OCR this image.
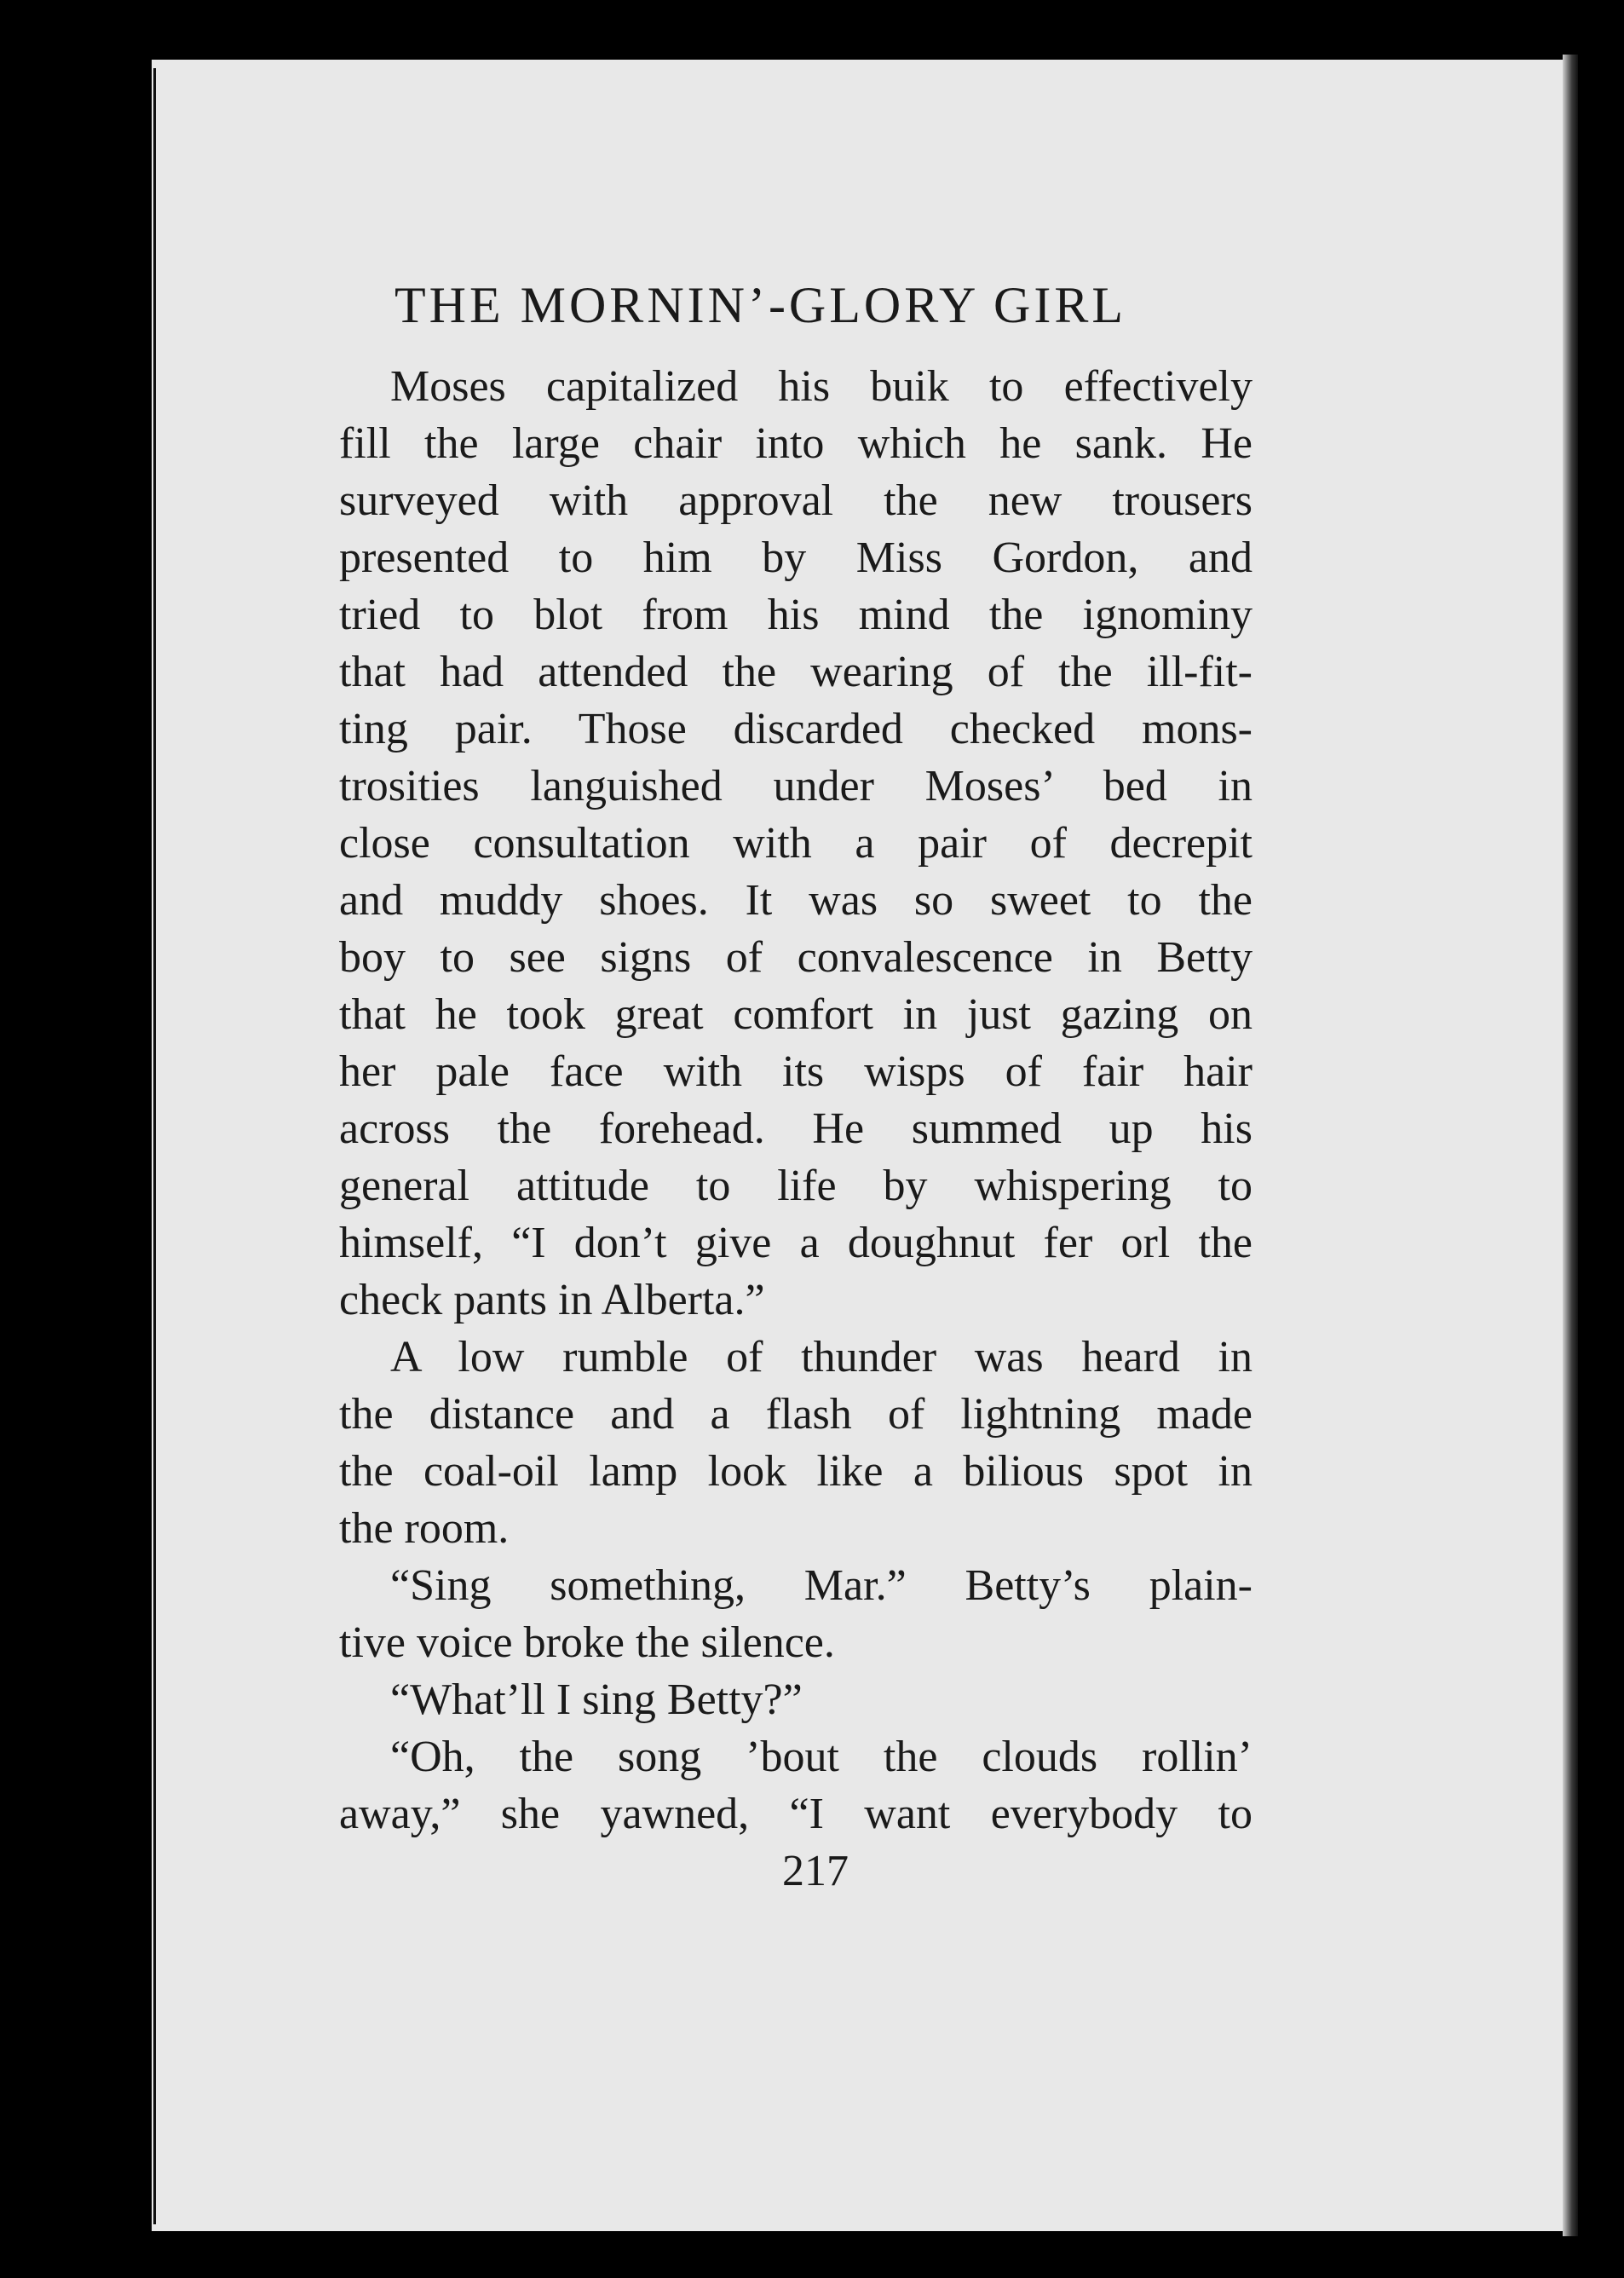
THE MORNIN’-GLORY GIRL
Moses capitalized his buik to effectively
fill the large chair into which he sank. He
surveyed with approval the new trousers
presented to him by Miss Gordon, and
tried to blot from his mind the ignominy
that had attended the wearing of the ill-fit-
ting pair. Those discarded checked mons-
trosities languished under Moses’ bed in
close consultation with a pair of decrepit
and muddy shoes. It was so sweet to the
boy to see signs of convalescence in Betty
that he took great comfort in just gazing on
her pale face with its wisps of fair hair
across the forehead. He summed up his
general attitude to life by whispering to
himself, “I don’t give a doughnut fer orl the
check pants in Alberta.”
A low rumble of thunder was heard in
the distance and a flash of lightning made
the coal-oil lamp look like a bilious spot in
the room.
“Sing something, Mar.” Betty’s plain-
tive voice broke the silence.
“What’ll I sing Betty?”
“Oh, the song ’bout the clouds rollin’
away,” she yawned, “I want everybody to
217
